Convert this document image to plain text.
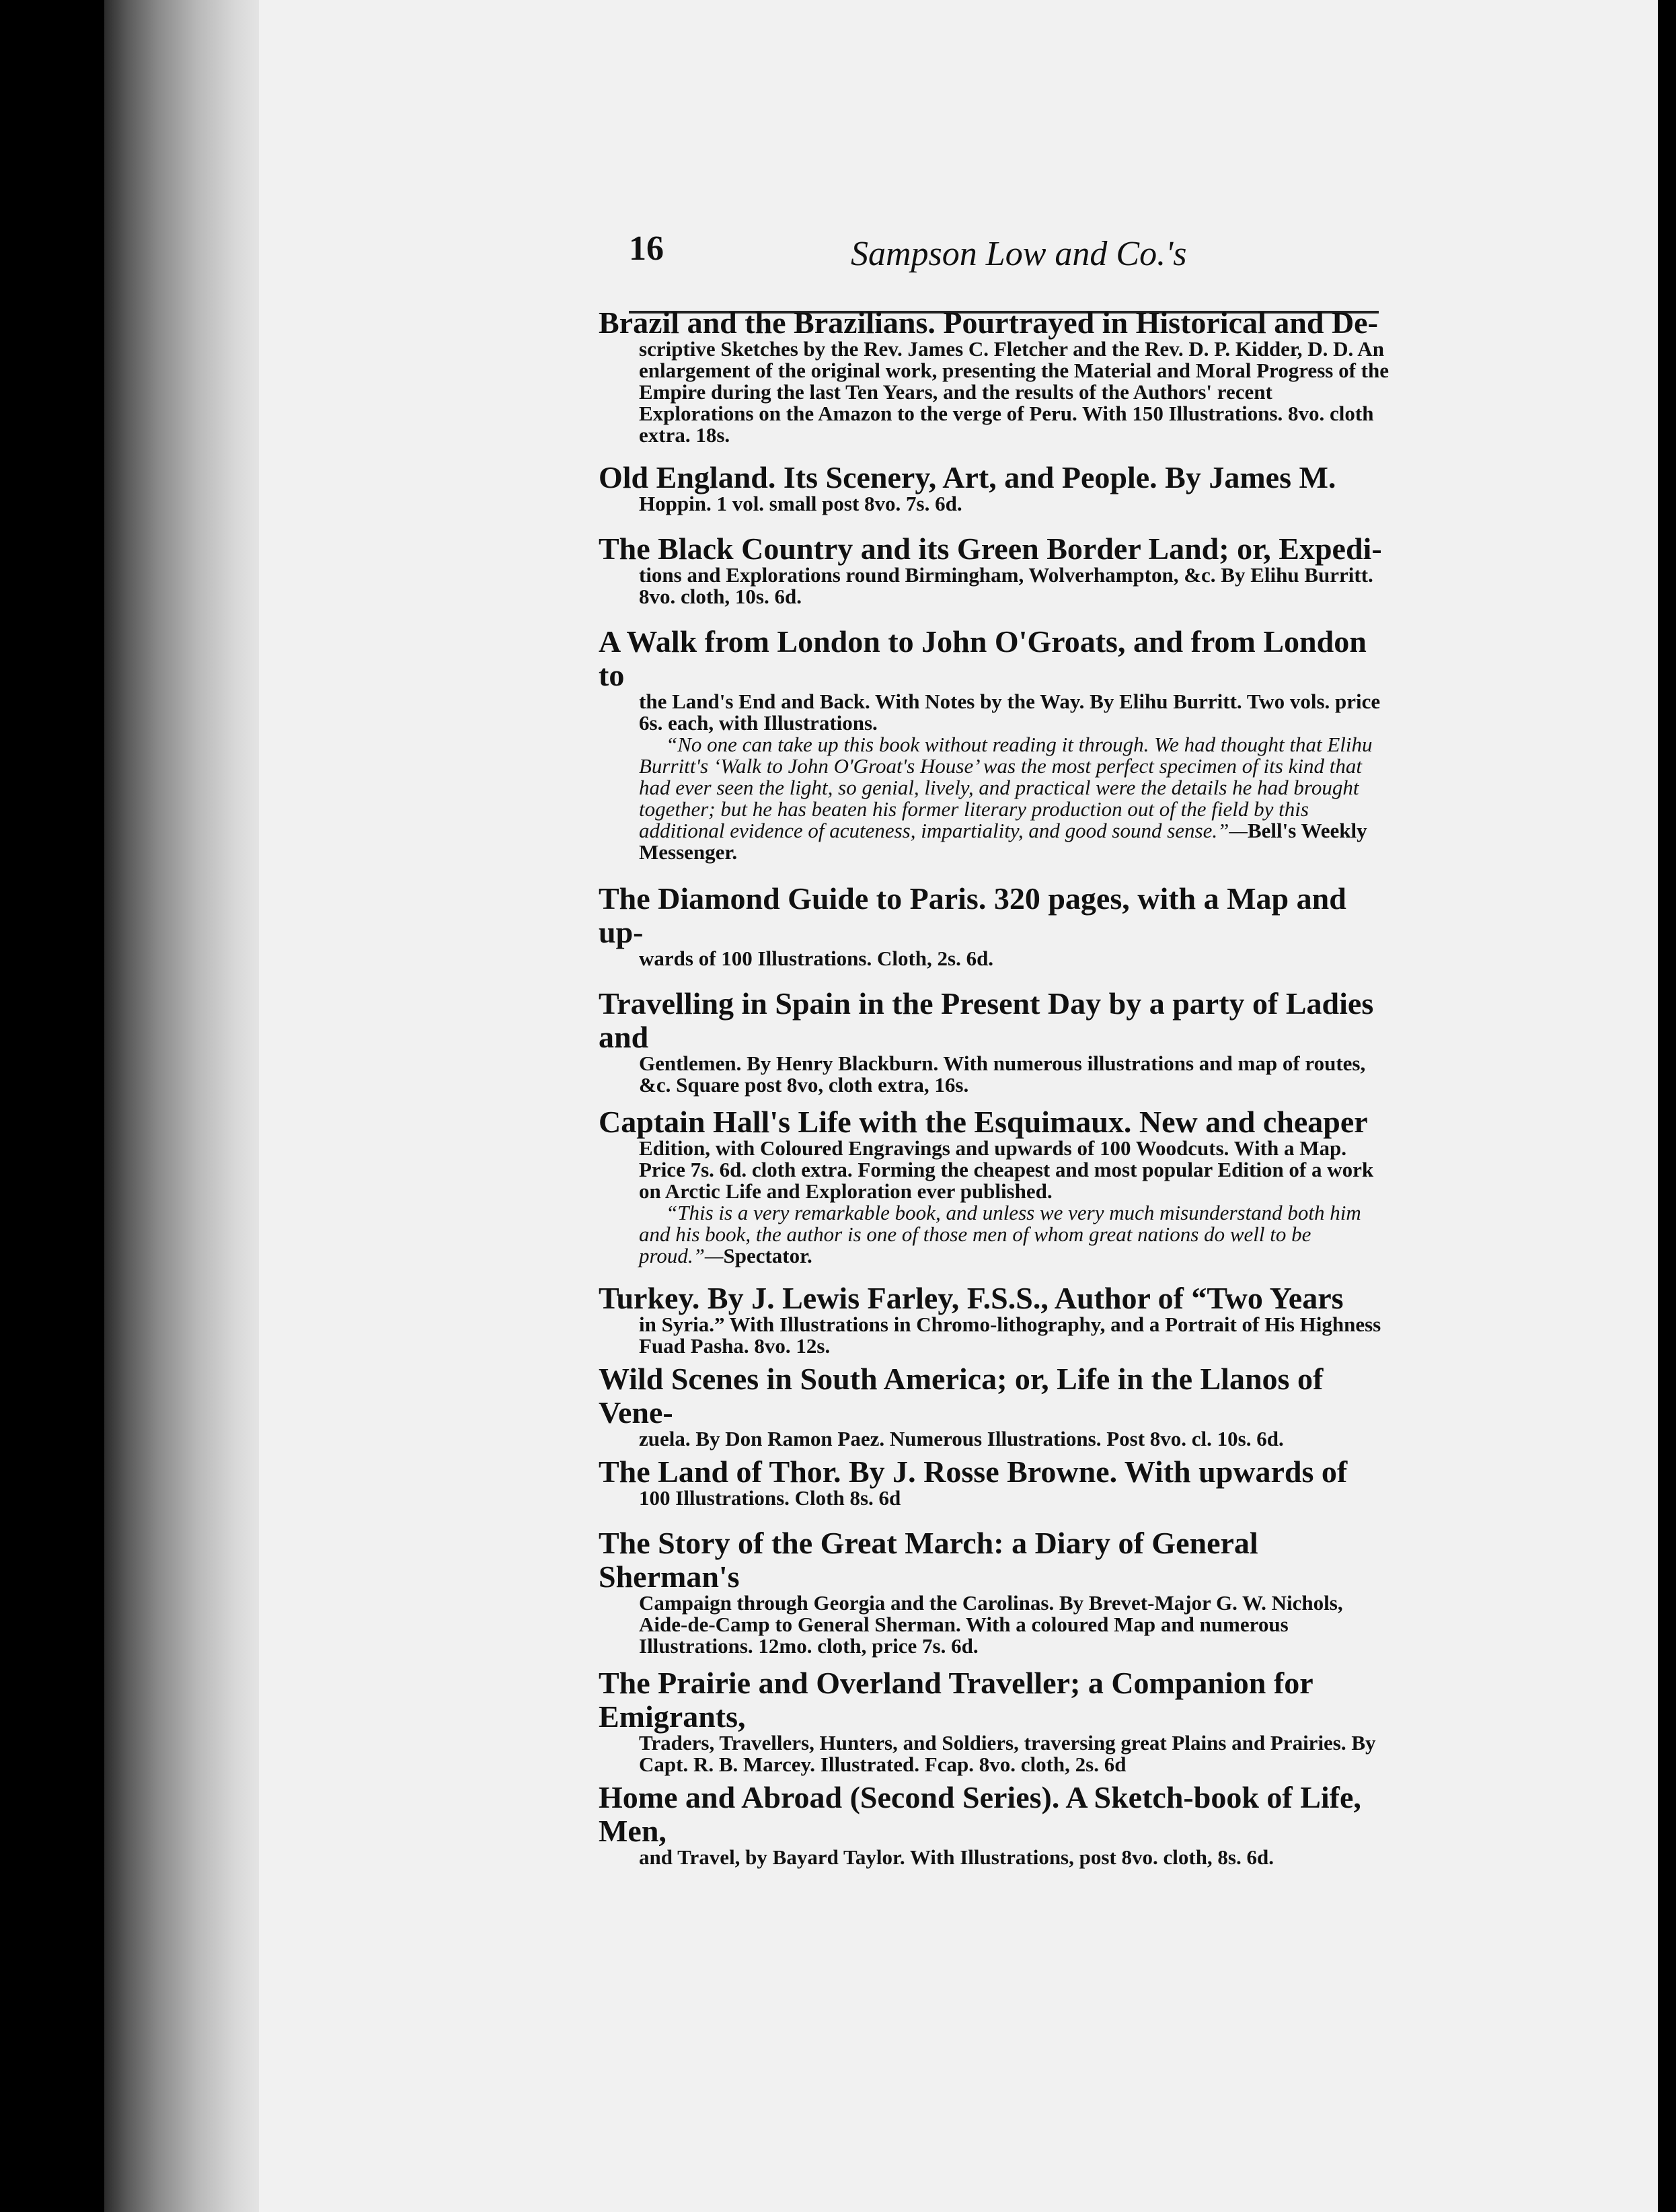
16	Sampson Low and Co.'s
Brazil and the Brazilians. Pourtrayed in Historical and De-
scriptive Sketches by the Rev. James C. Fletcher and the Rev. D. P. Kidder, D. D. An enlargement of the original work, presenting the Material and Moral Progress of the Empire during the last Ten Years, and the results of the Authors' recent Explorations on the Amazon to the verge of Peru. With 150 Illustrations. 8vo. cloth extra. 18s.
Old England. Its Scenery, Art, and People. By James M.
Hoppin. 1 vol. small post 8vo. 7s. 6d.
The Black Country and its Green Border Land; or, Expedi-
tions and Explorations round Birmingham, Wolverhampton, &c. By Elihu Burritt. 8vo. cloth, 10s. 6d.
A Walk from London to John O'Groats, and from London to
the Land's End and Back. With Notes by the Way. By Elihu Burritt. Two vols. price 6s. each, with Illustrations.
“No one can take up this book without reading it through. We had thought that Elihu Burritt's ‘Walk to John O'Groat's House’ was the most perfect specimen of its kind that had ever seen the light, so genial, lively, and practical were the details he had brought together; but he has beaten his former literary production out of the field by this additional evidence of acuteness, impartiality, and good sound sense.”—Bell's Weekly Messenger.
The Diamond Guide to Paris. 320 pages, with a Map and up-
wards of 100 Illustrations. Cloth, 2s. 6d.
Travelling in Spain in the Present Day by a party of Ladies and
Gentlemen. By Henry Blackburn. With numerous illustrations and map of routes, &c. Square post 8vo, cloth extra, 16s.
Captain Hall's Life with the Esquimaux. New and cheaper
Edition, with Coloured Engravings and upwards of 100 Woodcuts. With a Map. Price 7s. 6d. cloth extra. Forming the cheapest and most popular Edition of a work on Arctic Life and Exploration ever published.
“This is a very remarkable book, and unless we very much misunderstand both him and his book, the author is one of those men of whom great nations do well to be proud.”—Spectator.
Turkey. By J. Lewis Farley, F.S.S., Author of “Two Years
in Syria.” With Illustrations in Chromo-lithography, and a Portrait of His Highness Fuad Pasha. 8vo. 12s.
Wild Scenes in South America; or, Life in the Llanos of Vene-
zuela. By Don Ramon Paez. Numerous Illustrations. Post 8vo. cl. 10s. 6d.
The Land of Thor. By J. Rosse Browne. With upwards of
100 Illustrations. Cloth 8s. 6d
The Story of the Great March: a Diary of General Sherman's
Campaign through Georgia and the Carolinas. By Brevet-Major G. W. Nichols, Aide-de-Camp to General Sherman. With a coloured Map and numerous Illustrations. 12mo. cloth, price 7s. 6d.
The Prairie and Overland Traveller; a Companion for Emigrants,
Traders, Travellers, Hunters, and Soldiers, traversing great Plains and Prairies. By Capt. R. B. Marcey. Illustrated. Fcap. 8vo. cloth, 2s. 6d
Home and Abroad (Second Series). A Sketch-book of Life, Men,
and Travel, by Bayard Taylor. With Illustrations, post 8vo. cloth, 8s. 6d.
